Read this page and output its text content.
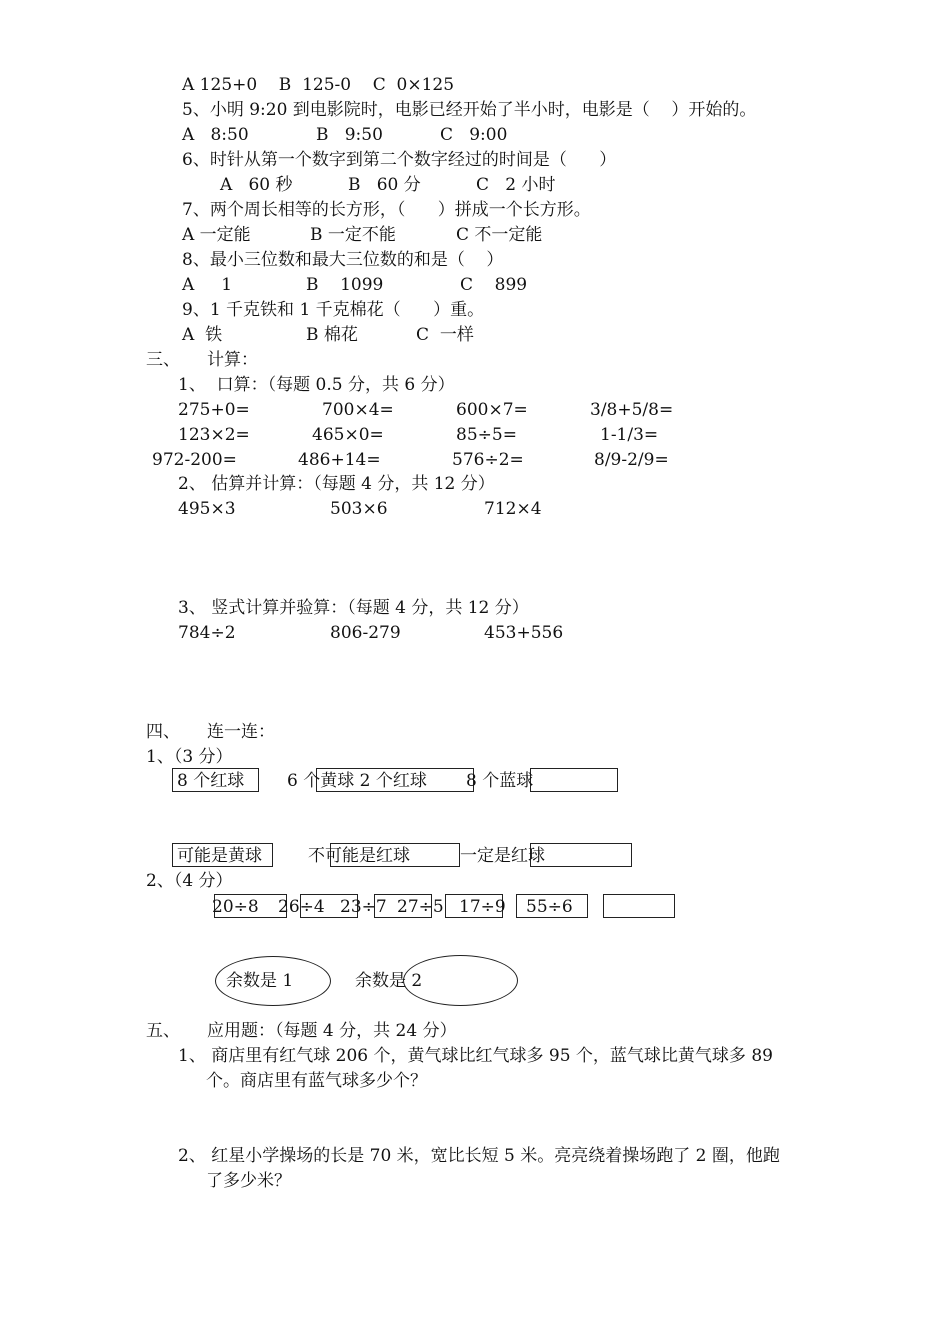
A 125+0    B  125-0    C  0×125
5、小明 9:20 到电影院时，电影已经开始了半小时，电影是（    ）开始的。
A   8:50	B   9:50	C   9:00
6、时针从第一个数字到第二个数字经过的时间是（      ）
A   60 秒	B   60 分	C   2 小时
7、两个周长相等的长方形，（      ）拼成一个长方形。
A 一定能	B 一定不能	C 不一定能
8、最小三位数和最大三位数的和是（    ）
A     1	B    1099	C    899
9、1 千克铁和 1 千克棉花（      ）重。
A  铁	B 棉花	C  一样
三、     计算：
1、  口算：（每题 0.5 分，共 6 分）
275+0=	700×4=	600×7=	3/8+5/8=
123×2=	465×0=	85÷5=	1-1/3=
972-200=	486+14=	576÷2=	8/9-2/9=
2、 估算并计算：（每题 4 分，共 12 分）
495×3	503×6	712×4
3、 竖式计算并验算：（每题 4 分，共 12 分）
784÷2	806-279	453+556
四、     连一连：
1、（3 分）
8 个红球	6 个黄球 2 个红球 8 个蓝球
可能是黄球	不可能是红球	一定是红球
2、（4 分）
20÷8 26÷4 23÷7 27÷5 17÷9 55÷6
余数是 1	余数是 2
五、     应用题：（每题 4 分，共 24 分）
1、 商店里有红气球 206 个，黄气球比红气球多 95 个，蓝气球比黄气球多 89
个。商店里有蓝气球多少个？
2、 红星小学操场的长是 70 米，宽比长短 5 米。亮亮绕着操场跑了 2 圈，他跑
了多少米？
